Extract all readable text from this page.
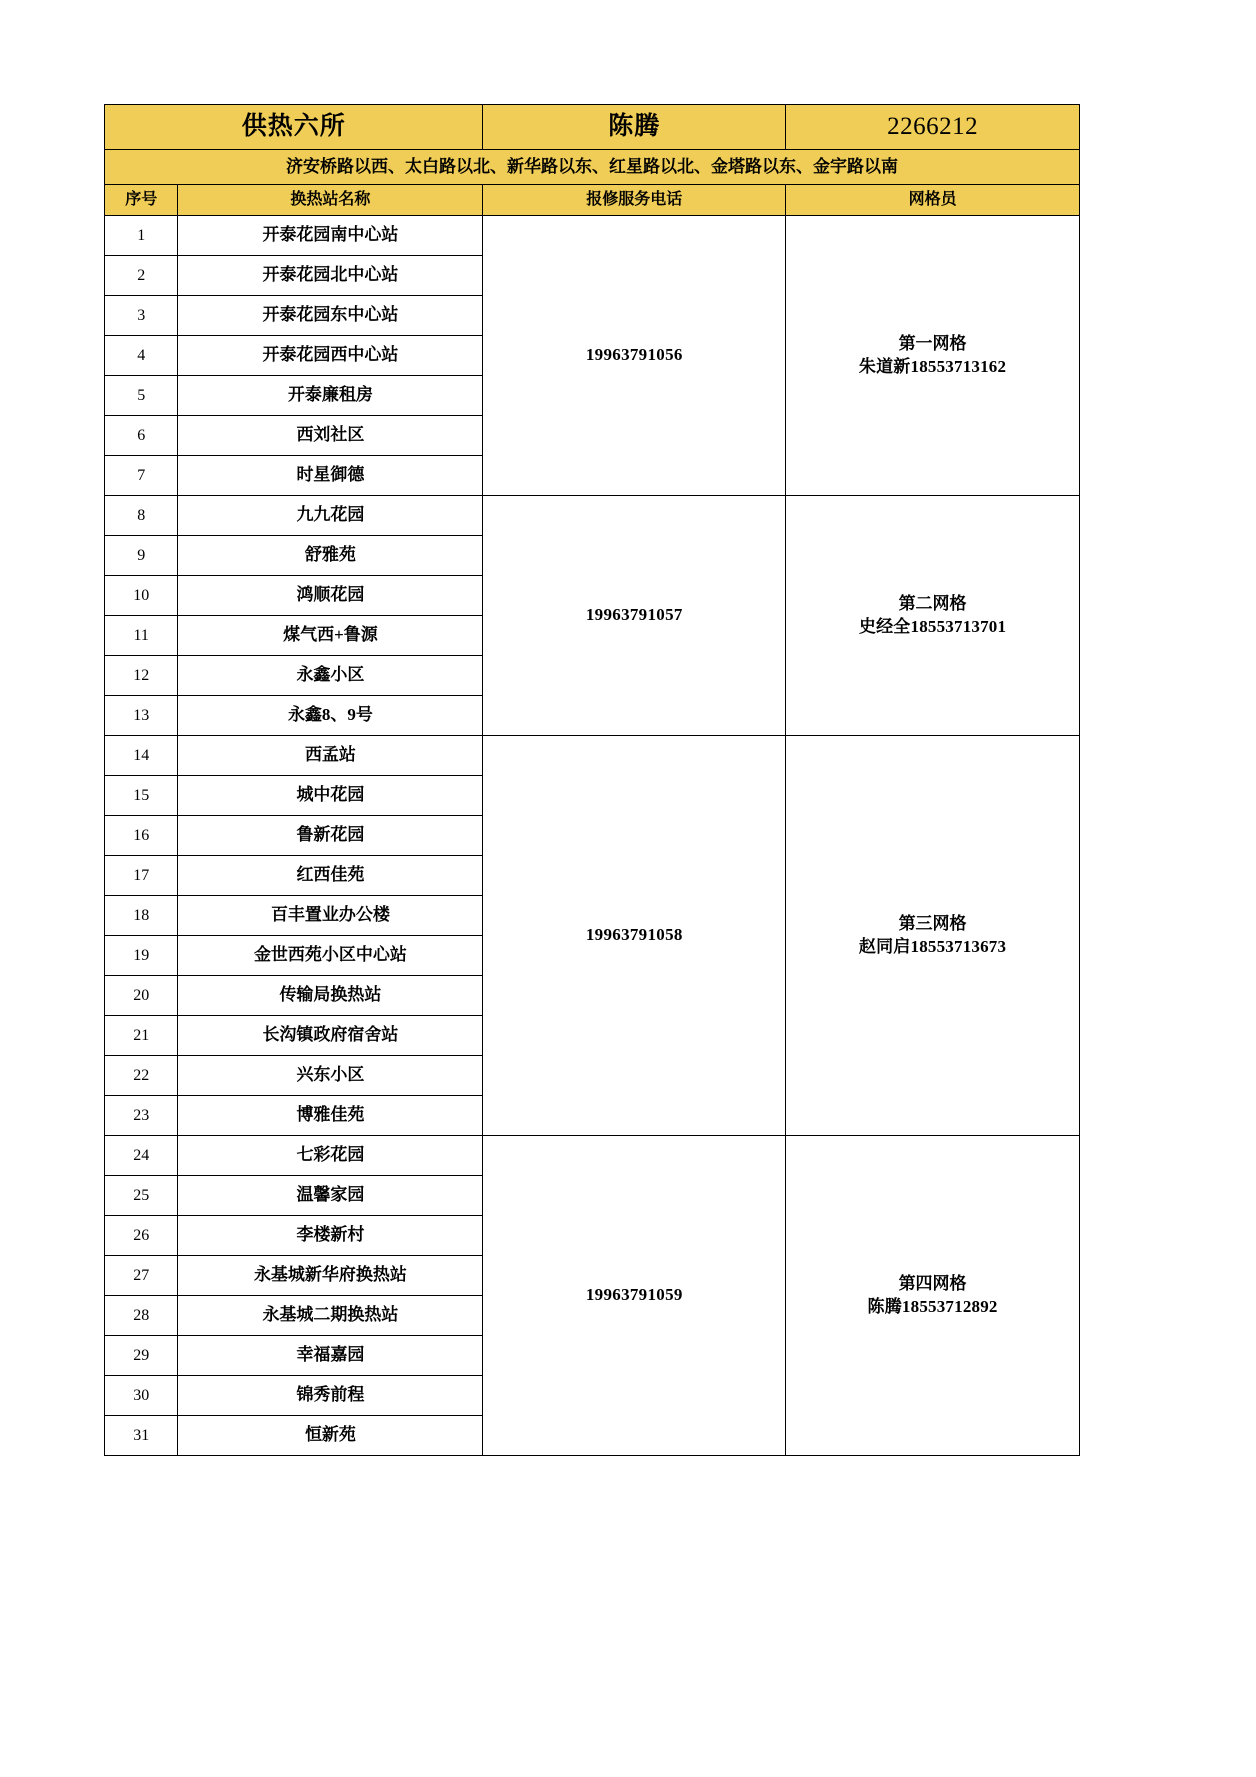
供热六所		陈腾	2266212
济安桥路以西、太白路以北、新华路以东、红星路以北、金塔路以东、金宇路以南			
序号	换热站名称	报修服务电话	网格员
1	开泰花园南中心站	19963791056	第一网格
朱道新18553713162

2	开泰花园北中心站		
3	开泰花园东中心站		
4	开泰花园西中心站		
5	开泰廉租房		
6	西刘社区		
7	时星御德		
8	九九花园	19963791057	第二网格
史经全18553713701

9	舒雅苑		
10	鸿顺花园		
11	煤气西+鲁源		
12	永鑫小区		
13	永鑫8、9号		
14	西孟站	19963791058	第三网格
赵同启18553713673

15	城中花园		
16	鲁新花园		
17	红西佳苑		
18	百丰置业办公楼		
19	金世西苑小区中心站		
20	传输局换热站		
21	长沟镇政府宿舍站		
22	兴东小区		
23	博雅佳苑		
24	七彩花园	19963791059	第四网格
陈腾18553712892

25	温馨家园		
26	李楼新村		
27	永基城新华府换热站		
28	永基城二期换热站		
29	幸福嘉园		
30	锦秀前程		
31	恒新苑		
